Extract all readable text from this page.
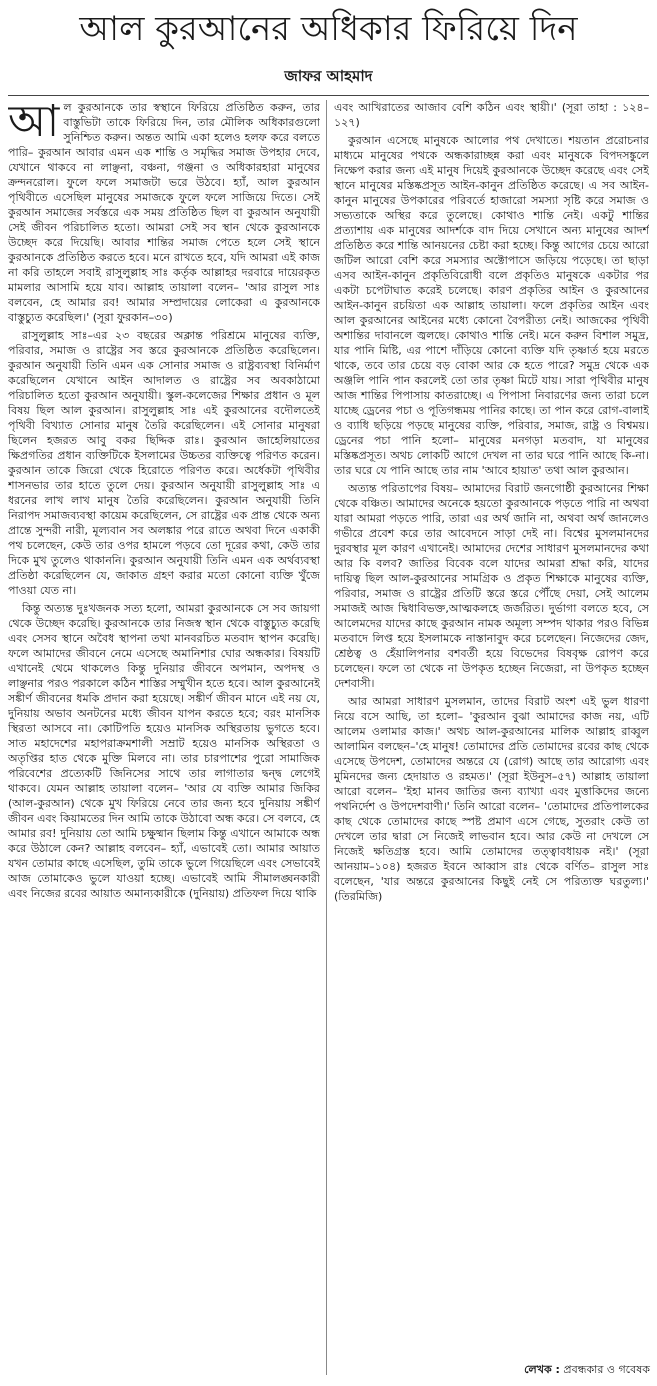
আল কুরআনের অধিকার ফিরিয়ে দিন
জাফর আহমাদ

আল কুরআনকে তার স্বস্থানে ফিরিয়ে প্রতিষ্ঠিত করুন, তার বাস্তুভিটা তাকে ফিরিয়ে দিন, তার মৌলিক অধিকারগুলো সুনিশ্চিত করুন। অন্তত আমি একা হলেও হলফ করে বলতে পারি– কুরআন আবার এমন এক শান্তি ও সমৃদ্ধির সমাজ উপহার দেবে, যেখানে থাকবে না লাঞ্ছনা, বঞ্চনা, গঞ্জনা ও অধিকারহারা মানুষের ক্রন্দনরোল। ফুলে ফলে সমাজটা ভরে উঠবে। হ্যাঁ, আল কুরআন পৃথিবীতে এসেছিল মানুষের সমাজকে ফুলে ফলে সাজিয়ে দিতে। সেই কুরআন সমাজের সর্বস্তরে এক সময় প্রতিষ্ঠিত ছিল বা কুরআন অনুযায়ী সেই জীবন পরিচালিত হতো। আমরা সেই সব স্থান থেকে কুরআনকে উচ্ছেদ করে দিয়েছি। আবার শান্তির সমাজ পেতে হলে সেই স্থানে কুরআনকে প্রতিষ্ঠিত করতে হবে। মনে রাখতে হবে, যদি আমরা এই কাজ না করি তাহলে সবাই রাসুলুল্লাহ সাঃ কর্তৃক আল্লাহর দরবারে দায়েরকৃত মামলার আসামি হয়ে যাব। আল্লাহ তায়ালা বলেন– 'আর রাসুল সাঃ বলবেন, হে আমার রব! আমার সম্প্রদায়ের লোকেরা এ কুরআনকে বাস্তুচ্যুত করেছিল।' (সূরা ফুরকান–৩০)

রাসুলুল্লাহ সাঃ–এর ২৩ বছরের অক্লান্ত পরিশ্রমে মানুষের ব্যক্তি, পরিবার, সমাজ ও রাষ্ট্রের সব স্তরে কুরআনকে প্রতিষ্ঠিত করেছিলেন। কুরআন অনুযায়ী তিনি এমন এক সোনার সমাজ ও রাষ্ট্রব্যবস্থা বিনির্মাণ করেছিলেন যেখানে আইন আদালত ও রাষ্ট্রের সব অবকাঠামো পরিচালিত হতো কুরআন অনুযায়ী। স্কুল-কলেজের শিক্ষার প্রধান ও মূল বিষয় ছিল আল কুরআন। রাসুলুল্লাহ সাঃ এই কুরআনের বদৌলতেই পৃথিবী বিখ্যাত সোনার মানুষ তৈরি করেছিলেন। এই সোনার মানুষরা ছিলেন হজরত আবু বকর ছিদ্দিক রাঃ। কুরআন জাহেলিয়াতের ক্ষিপ্রগতির প্রধান ব্যক্তিটিকে ইসলামের উচ্চতর ব্যক্তিত্বে পরিণত করেন। কুরআন তাকে জিরো থেকে হিরোতে পরিণত করে। অর্ধেকটা পৃথিবীর শাসনভার তার হাতে তুলে দেয়। কুরআন অনুযায়ী রাসুলুল্লাহ সাঃ এ ধরনের লাখ লাখ মানুষ তৈরি করেছিলেন। কুরআন অনুযায়ী তিনি নিরাপদ সমাজব্যবস্থা কায়েম করেছিলেন, সে রাষ্ট্রের এক প্রান্ত থেকে অন্য প্রান্তে সুন্দরী নারী, মূল্যবান সব অলঙ্কার পরে রাতে অথবা দিনে একাকী পথ চলেছেন, কেউ তার ওপর হামলে পড়বে তো দূরের কথা, কেউ তার দিকে মুখ তুলেও থাকাননি। কুরআন অনুযায়ী তিনি এমন এক অর্থব্যবস্থা প্রতিষ্ঠা করেছিলেন যে, জাকাত গ্রহণ করার মতো কোনো ব্যক্তি খুঁজে পাওয়া যেত না।

কিন্তু অত্যন্ত দুঃখজনক সত্য হলো, আমরা কুরআনকে সে সব জায়গা থেকে উচ্ছেদ করেছি। কুরআনকে তার নিজস্ব স্থান থেকে বাস্তুচ্যুত করেছি এবং সেসব স্থানে অবৈধ স্থাপনা তথা মানবরচিত মতবাদ স্থাপন করেছি। ফলে আমাদের জীবনে নেমে এসেছে অমানিশার ঘোর অন্ধকার। বিষয়টি এখানেই থেমে থাকলেও কিন্তু দুনিয়ার জীবনে অপমান, অপদস্থ ও লাঞ্ছনার পরও পরকালে কঠিন শাস্তির সম্মুখীন হতে হবে। আল কুরআনেই সঙ্কীর্ণ জীবনের ধমকি প্রদান করা হয়েছে। সঙ্কীর্ণ জীবন মানে এই নয় যে, দুনিয়ায় অভাব অনটনের মধ্যে জীবন যাপন করতে হবে; বরং মানসিক স্থিরতা আসবে না। কোটিপতি হয়েও মানসিক অস্থিরতায় ভুগতে হবে। সাত মহাদেশের মহাপরাক্রমশালী সম্রাট হয়েও মানসিক অস্থিরতা ও অতৃপ্তির হাত থেকে মুক্তি মিলবে না। তার চারপাশের পুরো সামাজিক পরিবেশের প্রত্যেকটি জিনিসের সাথে তার লাগাতার দ্বন্দ্ব লেগেই থাকবে। যেমন আল্লাহ তায়ালা বলেন– 'আর যে ব্যক্তি আমার জিকির (আল-কুরআন) থেকে মুখ ফিরিয়ে নেবে তার জন্য হবে দুনিয়ায় সঙ্কীর্ণ জীবন এবং কিয়ামতের দিন আমি তাকে উঠাবো অন্ধ করে। সে বলবে, হে আমার রব! দুনিয়ায় তো আমি চক্ষুষ্মান ছিলাম কিন্তু এখানে আমাকে অন্ধ করে উঠালে কেন? আল্লাহ বলবেন– হ্যাঁ, এভাবেই তো। আমার আয়াত যখন তোমার কাছে এসেছিল, তুমি তাকে ভুলে গিয়েছিলে এবং সেভাবেই আজ তোমাকেও ভুলে যাওয়া হচ্ছে। এভাবেই আমি সীমালঙ্ঘনকারী এবং নিজের রবের আয়াত অমান্যকারীকে (দুনিয়ায়) প্রতিফল দিয়ে থাকি

এবং আখিরাতের আজাব বেশি কঠিন এবং স্থায়ী।' (সূরা তাহা : ১২৪–১২৭)

কুরআন এসেছে মানুষকে আলোর পথ দেখাতে। শয়তান প্ররোচনার মাধ্যমে মানুষের পথকে অন্ধকারাচ্ছন্ন করা এবং মানুষকে বিপদসঙ্কুলে নিক্ষেপ করার জন্য এই মানুষ দিয়েই কুরআনকে উচ্ছেদ করেছে এবং সেই স্থানে মানুষের মস্তিষ্কপ্রসূত আইন-কানুন প্রতিষ্ঠিত করেছে। এ সব আইন-কানুন মানুষের উপকারের পরিবর্তে হাজারো সমস্যা সৃষ্টি করে সমাজ ও সভ্যতাকে অস্থির করে তুলেছে। কোথাও শান্তি নেই। একটু শান্তির প্রত্যাশায় এক মানুষের আদর্শকে বাদ দিয়ে সেখানে অন্য মানুষের আদর্শ প্রতিষ্ঠিত করে শান্তি আনয়নের চেষ্টা করা হচ্ছে। কিন্তু আগের চেয়ে আরো জটিল আরো বেশি করে সমস্যার অক্টোপাসে জড়িয়ে পড়েছে। তা ছাড়া এসব আইন-কানুন প্রকৃতিবিরোধী বলে প্রকৃতিও মানুষকে একটার পর একটা চপেটাঘাত করেই চলেছে। কারণ প্রকৃতির আইন ও কুরআনের আইন-কানুন রচয়িতা এক আল্লাহ তায়ালা। ফলে প্রকৃতির আইন এবং আল কুরআনের আইনের মধ্যে কোনো বৈপরীত্য নেই। আজকের পৃথিবী অশান্তির দাবানলে জ্বলছে। কোথাও শান্তি নেই। মনে করুন বিশাল সমুদ্র, যার পানি মিষ্টি, এর পাশে দাঁড়িয়ে কোনো ব্যক্তি যদি তৃষ্ণার্ত হয়ে মরতে থাকে, তবে তার চেয়ে বড় বোকা আর কে হতে পারে? সমুদ্র থেকে এক অঞ্জলি পানি পান করলেই তো তার তৃষ্ণা মিটে যায়। সারা পৃথিবীর মানুষ আজ শান্তির পিপাসায় কাতরাচ্ছে। এ পিপাসা নিবারণের জন্য তারা চলে যাচ্ছে ড্রেনের পচা ও পূতিগন্ধময় পানির কাছে। তা পান করে রোগ-বালাই ও ব্যাধি ছড়িয়ে পড়ছে মানুষের ব্যক্তি, পরিবার, সমাজ, রাষ্ট্র ও বিশ্বময়। ড্রেনের পচা পানি হলো– মানুষের মনগড়া মতবাদ, যা মানুষের মস্তিষ্কপ্রসূত। অথচ লোকটি আগে দেখল না তার ঘরে পানি আছে কি-না। তার ঘরে যে পানি আছে তার নাম 'আবে হায়াত' তথা আল কুরআন।

অত্যন্ত পরিতাপের বিষয়– আমাদের বিরাট জনগোষ্ঠী কুরআনের শিক্ষা থেকে বঞ্চিত। আমাদের অনেকে হয়তো কুরআনকে পড়তে পারি না অথবা যারা আমরা পড়তে পারি, তারা এর অর্থ জানি না, অথবা অর্থ জানলেও গভীরে প্রবেশ করে তার আবেদনে সাড়া দেই না। বিশ্বের মুসলমানদের দুরবস্থার মূল কারণ এখানেই। আমাদের দেশের সাধারণ মুসলমানদের কথা আর কি বলব? জাতির বিবেক বলে যাদের আমরা শ্রদ্ধা করি, যাদের দায়িত্ব ছিল আল-কুরআনের সামগ্রিক ও প্রকৃত শিক্ষাকে মানুষের ব্যক্তি, পরিবার, সমাজ ও রাষ্ট্রের প্রতিটি স্তরে স্তরে পৌঁছে দেয়া, সেই আলেম সমাজই আজ দ্বিধাবিভক্ত,আত্মকলহে জর্জরিত। দুর্ভাগা বলতে হবে, সে আলেমদের যাদের কাছে কুরআন নামক অমূল্য সম্পদ থাকার পরও বিভিন্ন মতবাদে লিপ্ত হয়ে ইসলামকে নাস্তানাবুদ করে চলেছেন। নিজেদের জেদ, শ্রেষ্ঠত্ব ও হেঁয়ালিপনার বশবর্তী হয়ে বিভেদের বিষবৃক্ষ রোপণ করে চলেছেন। ফলে তা থেকে না উপকৃত হচ্ছেন নিজেরা, না উপকৃত হচ্ছেন দেশবাসী।

আর আমরা সাধারণ মুসলমান, তাদের বিরাট অংশ এই ভুল ধারণা নিয়ে বসে আছি, তা হলো– 'কুরআন বুঝা আমাদের কাজ নয়, এটি আলেম ওলামার কাজ।' অথচ আল-কুরআনের মালিক আল্লাহ রাব্বুল আলামিন বলছেন–'হে মানুষ! তোমাদের প্রতি তোমাদের রবের কাছ থেকে এসেছে উপদেশ, তোমাদের অন্তরে যে (রোগ) আছে তার আরোগ্য এবং মুমিনদের জন্য হেদায়াত ও রহমত।' (সূরা ইউনুস–৫৭) আল্লাহ তায়ালা আরো বলেন– 'ইহা মানব জাতির জন্য ব্যাখ্যা এবং মুত্তাকিদের জন্যে পথনির্দেশ ও উপদেশবাণী।' তিনি আরো বলেন– 'তোমাদের প্রতিপালকের কাছ থেকে তোমাদের কাছে স্পষ্ট প্রমাণ এসে গেছে, সুতরাং কেউ তা দেখলে তার দ্বারা সে নিজেই লাভবান হবে। আর কেউ না দেখলে সে নিজেই ক্ষতিগ্রস্ত হবে। আমি তোমাদের তত্ত্বাবধায়ক নই।' (সূরা আনয়াম–১০৪) হজরত ইবনে আব্বাস রাঃ থেকে বর্ণিত– রাসুল সাঃ বলেছেন, 'যার অন্তরে কুরআনের কিছুই নেই সে পরিত্যক্ত ঘরতুল্য।' (তিরমিজি)

লেখক : প্রবন্ধকার ও গবেষক
